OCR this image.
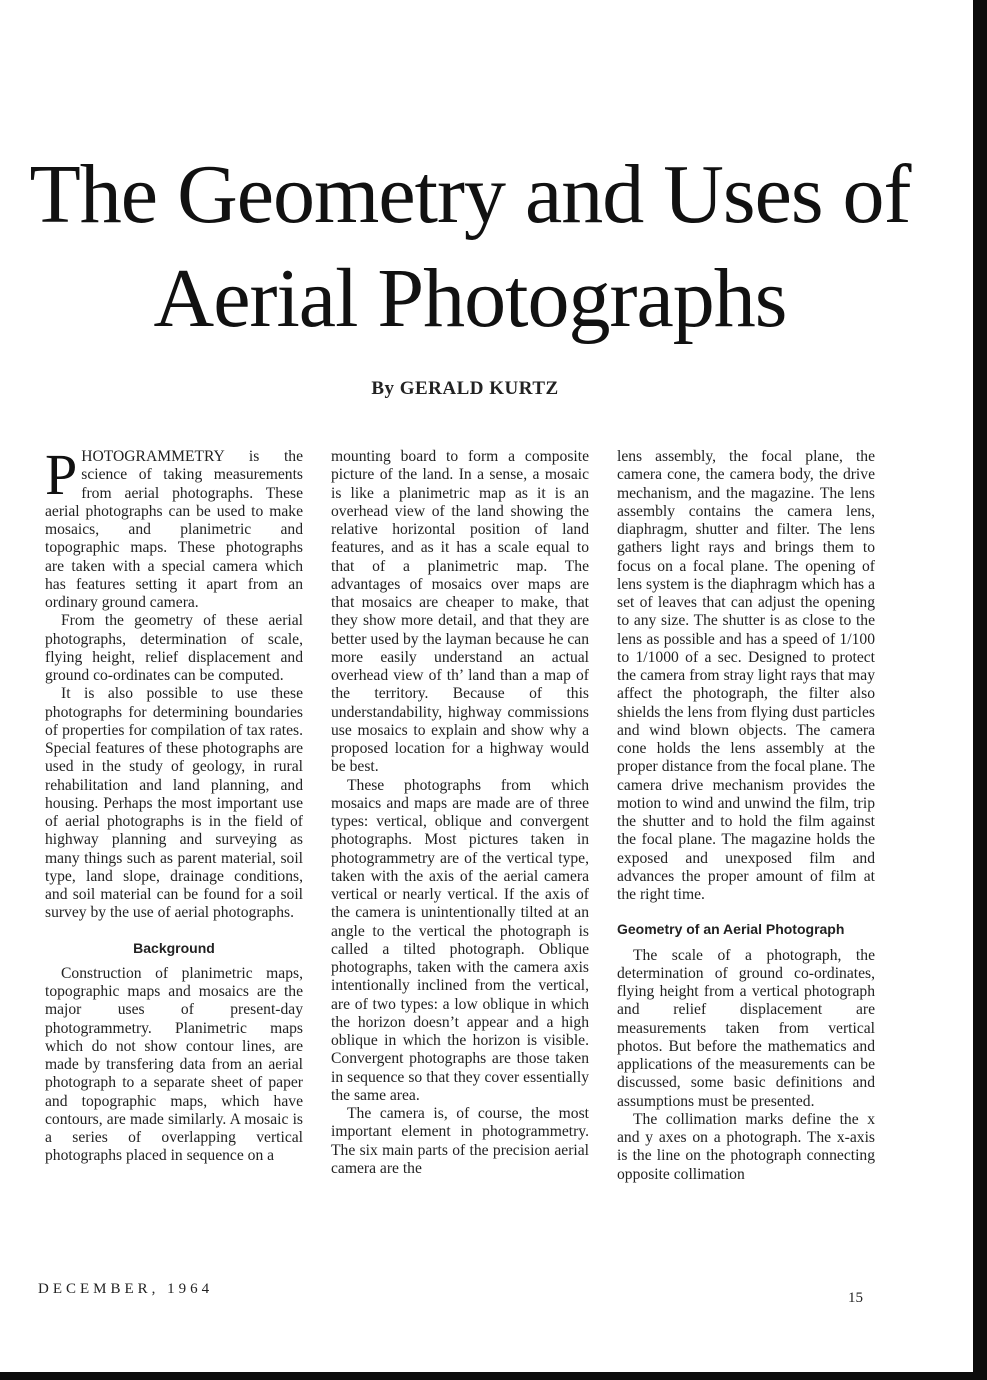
The Geometry and Uses of Aerial Photographs
By GERALD KURTZ

PHOTOGRAMMETRY is the science of taking measurements from aerial photographs. These aerial photographs can be used to make mosaics, and planimetric and topographic maps. These photographs are taken with a special camera which has features setting it apart from an ordinary ground camera.

From the geometry of these aerial photographs, determination of scale, flying height, relief displacement and ground co-ordinates can be computed.

It is also possible to use these photographs for determining boundaries of properties for compilation of tax rates. Special features of these photographs are used in the study of geology, in rural rehabilitation and land planning, and housing. Perhaps the most important use of aerial photographs is in the field of highway planning and surveying as many things such as parent material, soil type, land slope, drainage conditions, and soil material can be found for a soil survey by the use of aerial photographs.

Background

Construction of planimetric maps, topographic maps and mosaics are the major uses of present-day photogrammetry. Planimetric maps which do not show contour lines, are made by transfering data from an aerial photograph to a separate sheet of paper and topographic maps, which have contours, are made similarly. A mosaic is a series of overlapping vertical photographs placed in sequence on a

mounting board to form a composite picture of the land. In a sense, a mosaic is like a planimetric map as it is an overhead view of the land showing the relative horizontal position of land features, and as it has a scale equal to that of a planimetric map. The advantages of mosaics over maps are that mosaics are cheaper to make, that they show more detail, and that they are better used by the layman because he can more easily understand an actual overhead view of th’ land than a map of the territory. Because of this understandability, highway commissions use mosaics to explain and show why a proposed location for a highway would be best.

These photographs from which mosaics and maps are made are of three types: vertical, oblique and convergent photographs. Most pictures taken in photogrammetry are of the vertical type, taken with the axis of the aerial camera vertical or nearly vertical. If the axis of the camera is unintentionally tilted at an angle to the vertical the photograph is called a tilted photograph. Oblique photographs, taken with the camera axis intentionally inclined from the vertical, are of two types: a low oblique in which the horizon doesn’t appear and a high oblique in which the horizon is visible. Convergent photographs are those taken in sequence so that they cover essentially the same area.

The camera is, of course, the most important element in photogrammetry. The six main parts of the precision aerial camera are the

lens assembly, the focal plane, the camera cone, the camera body, the drive mechanism, and the magazine. The lens assembly contains the camera lens, diaphragm, shutter and filter. The lens gathers light rays and brings them to focus on a focal plane. The opening of lens system is the diaphragm which has a set of leaves that can adjust the opening to any size. The shutter is as close to the lens as possible and has a speed of 1/100 to 1/1000 of a sec. Designed to protect the camera from stray light rays that may affect the photograph, the filter also shields the lens from flying dust particles and wind blown objects. The camera cone holds the lens assembly at the proper distance from the focal plane. The camera drive mechanism provides the motion to wind and unwind the film, trip the shutter and to hold the film against the focal plane. The magazine holds the exposed and unexposed film and advances the proper amount of film at the right time.

Geometry of an Aerial Photograph

The scale of a photograph, the determination of ground co-ordinates, flying height from a vertical photograph and relief displacement are measurements taken from vertical photos. But before the mathematics and applications of the measurements can be discussed, some basic definitions and assumptions must be presented.

The collimation marks define the x and y axes on a photograph. The x-axis is the line on the photograph connecting opposite collimation

DECEMBER, 1964
15
